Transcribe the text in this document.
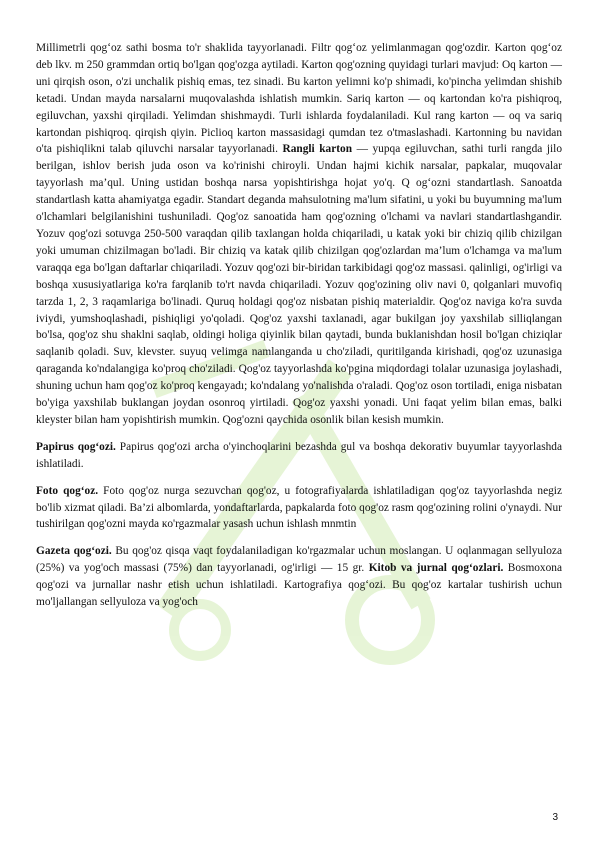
Millimetrli qog‘oz sathi bosma to'r shaklida tayyorlanadi. Filtr qog‘oz yelimlanmagan qog'ozdir. Karton qog‘oz deb lkv. m 250 grammdan ortiq bo'lgan qog'ozga aytiladi. Karton qog'ozning quyidagi turlari mavjud: Oq karton — uni qirqish oson, o'zi unchalik pishiq emas, tez sinadi. Bu karton yelimni ko'p shimadi, ko'pincha yelimdan shishib ketadi. Undan mayda narsalarni muqovalashda ishlatish mumkin. Sariq karton — oq kartondan ko'ra pishiqroq, egiluvchan, yaxshi qirqiladi. Yelimdan shishmaydi. Turli ishlarda foydalaniladi. Kul rang karton — oq va sariq kartondan pishiqroq. qirqish qiyin. Piclioq karton massasidagi qumdan tez o'tmaslashadi. Kartonning bu navidan o'ta pishiqlikni talab qiluvchi narsalar tayyorlanadi. Rangli karton — yupqa egiluvchan, sathi turli rangda jilo berilgan, ishlov berish juda oson va ko'rinishi chiroyli. Undan hajmi kichik narsalar, papkalar, muqovalar tayyorlash ma’qul. Uning ustidan boshqa narsa yopishtirishga hojat yo'q. Q og‘ozni standartlash. Sanoatda standartlash katta ahamiyatga egadir. Standart deganda mahsulotning ma'lum sifatini, u yoki bu buyumning ma'lum o'lchamlari belgilanishini tushuniladi. Qog'oz sanoatida ham qog'ozning o'lchami va navlari standartlashgandir. Yozuv qog'ozi sotuvga 250-500 varaqdan qilib taxlangan holda chiqariladi, u katak yoki bir chiziq qilib chizilgan yoki umuman chizilmagan bo'ladi. Bir chiziq va katak qilib chizilgan qog'ozlardan ma’lum o'lchamga va ma'lum varaqqa ega bo'lgan daftarlar chiqariladi. Yozuv qog'ozi bir-biridan tarkibidagi qog'oz massasi. qalinligi, og'irligi va boshqa xususiyatlariga ko'ra farqlanib to'rt navda chiqariladi. Yozuv qog'ozining oliv navi 0, qolganlari muvofiq tarzda 1, 2, 3 raqamlariga bo'linadi. Quruq holdagi qog'oz nisbatan pishiq materialdir. Qog'oz naviga ko'ra suvda iviydi, yumshoqlashadi, pishiqligi yo'qoladi. Qog'oz yaxshi taxlanadi, agar bukilgan joy yaxshilab silliqlangan bo'lsa, qog'oz shu shaklni saqlab, oldingi holiga qiyinlik bilan qaytadi, bunda buklanishdan hosil bo'lgan chiziqlar saqlanib qoladi. Suv, klevster. suyuq velimga namlanganda u cho'ziladi, quritilganda kirishadi, qog'oz uzunasiga qaraganda ko'ndalangiga ko'proq cho'ziladi. Qog'oz tayyorlashda ko'pgina miqdordagi tolalar uzunasiga joylashadi, shuning uchun ham qog'oz ko'proq kengayadı; ko'ndalang yo'nalishda o'raladi. Qog'oz oson tortiladi, eniga nisbatan bo'yiga yaxshilab buklangan joydan osonroq yirtiladi. Qog'oz yaxshi yonadi. Uni faqat yelim bilan emas, balki kleyster bilan ham yopishtirish mumkin. Qog'ozni qaychida osonlik bilan kesish mumkin.

Papirus qog‘ozi. Papirus qog'ozi archa o'yinchoqlarini bezashda gul va boshqa dekorativ buyumlar tayyorlashda ishlatiladi.

Foto qog‘oz. Foto qog'oz nurga sezuvchan qog'oz, u fotografiyalarda ishlatiladigan qog'oz tayyorlashda negiz bo'lib xizmat qiladi. Ba’zi albomlarda, yondaftarlarda, papkalarda foto qog'oz rasm qog'ozining rolini o'ynaydi. Nur tushirilgan qog'ozni mayda кo'rgazmalar yasash uchun ishlash mnmtin

Gazeta qog‘ozi. Bu qog'oz qisqa vaqt foydalaniladigan ko'rgazmalar uchun moslangan. U oqlanmagan sellyuloza (25%) va yog'och massasi (75%) dan tayyorlanadi, og'irligi — 15 gr. Kitob va jurnal qog‘ozlari. Bosmoxona qog'ozi va jurnallar nashr etish uchun ishlatiladi. Kartografiya qog‘ozi. Bu qog'oz kartalar tushirish uchun mo'ljallangan sellyuloza va yog'och

3
